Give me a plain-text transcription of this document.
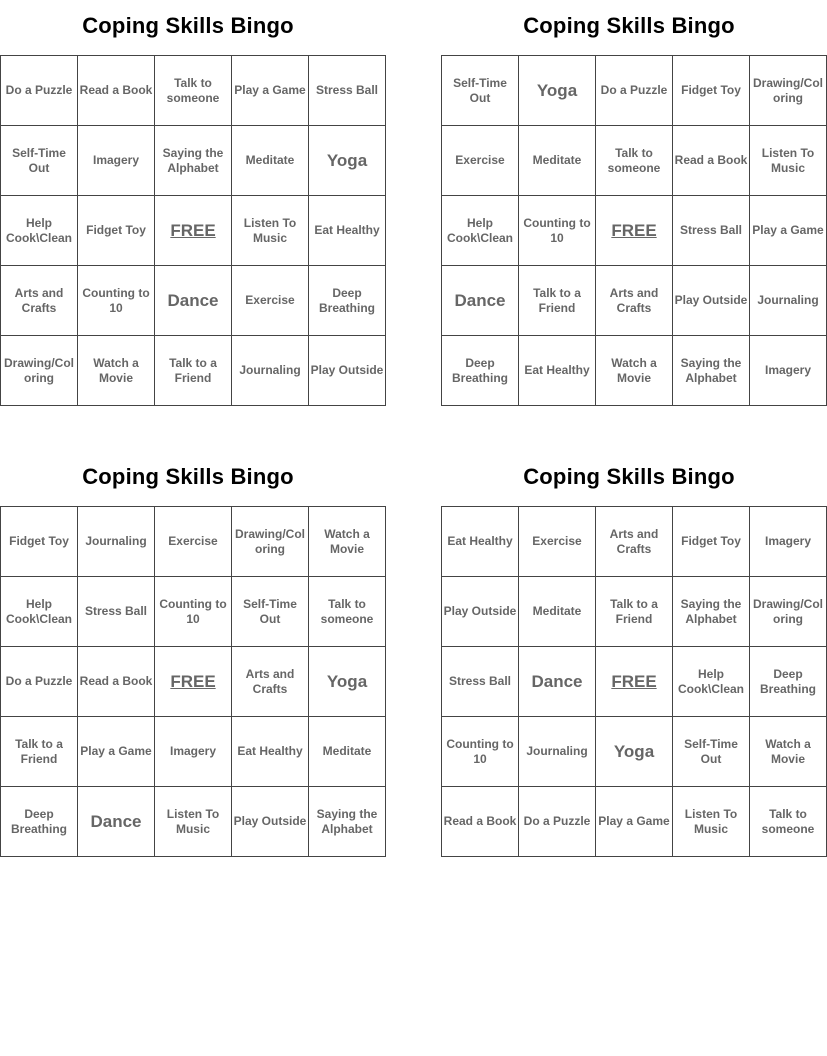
Coping Skills Bingo
Do a Puzzle	Read a Book	Talk to someone	Play a Game	Stress Ball
Self-Time Out	Imagery	Saying the Alphabet	Meditate	Yoga
Help Cook\Clean	Fidget Toy	FREE	Listen To Music	Eat Healthy
Arts and Crafts	Counting to 10	Dance	Exercise	Deep Breathing
Drawing/Coloring	Watch a Movie	Talk to a Friend	Journaling	Play Outside
Coping Skills Bingo
Self-Time Out	Yoga	Do a Puzzle	Fidget Toy	Drawing/Coloring
Exercise	Meditate	Talk to someone	Read a Book	Listen To Music
Help Cook\Clean	Counting to 10	FREE	Stress Ball	Play a Game
Dance	Talk to a Friend	Arts and Crafts	Play Outside	Journaling
Deep Breathing	Eat Healthy	Watch a Movie	Saying the Alphabet	Imagery
Coping Skills Bingo
Fidget Toy	Journaling	Exercise	Drawing/Coloring	Watch a Movie
Help Cook\Clean	Stress Ball	Counting to 10	Self-Time Out	Talk to someone
Do a Puzzle	Read a Book	FREE	Arts and Crafts	Yoga
Talk to a Friend	Play a Game	Imagery	Eat Healthy	Meditate
Deep Breathing	Dance	Listen To Music	Play Outside	Saying the Alphabet
Coping Skills Bingo
Eat Healthy	Exercise	Arts and Crafts	Fidget Toy	Imagery
Play Outside	Meditate	Talk to a Friend	Saying the Alphabet	Drawing/Coloring
Stress Ball	Dance	FREE	Help Cook\Clean	Deep Breathing
Counting to 10	Journaling	Yoga	Self-Time Out	Watch a Movie
Read a Book	Do a Puzzle	Play a Game	Listen To Music	Talk to someone
